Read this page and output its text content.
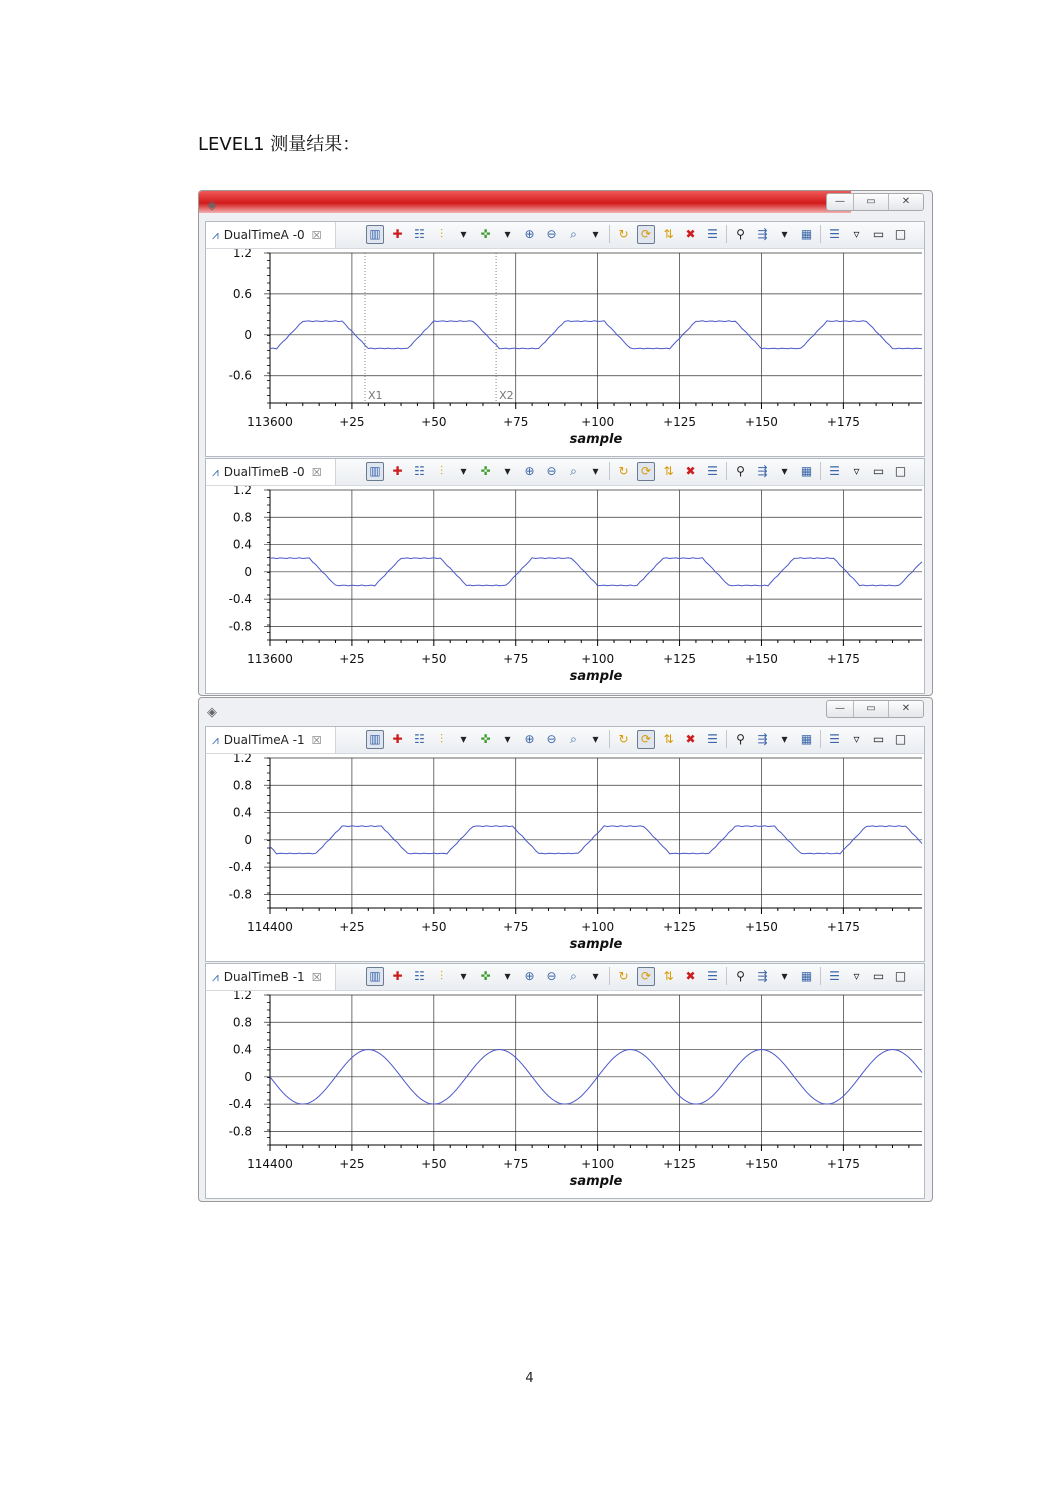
LEVEL1 测量结果：
◈	—	▭	✕
⩘ DualTimeA -0 ☒	▥ ✚ ☷	⫶	▾	✜	▾	⊕ ⊖	⌕	▾	↻	⟳	⇅ ✖ ☰	⚲	⇶	▾	▦ ☰	▿	▭ □
1.2
0.6
0
-0.6
113600	+25	+50	+75	+100	+125	+150	+175
sample
X1	X2
⩘ DualTimeB -0 ☒	▥ ✚ ☷	⫶	▾	✜	▾	⊕ ⊖	⌕	▾	↻	⟳	⇅ ✖ ☰	⚲	⇶	▾	▦ ☰	▿	▭ □
1.2
0.8
0.4
0
-0.4
-0.8
113600	+25	+50	+75	+100	+125	+150	+175
sample
◈	—	▭	✕
⩘ DualTimeA -1 ☒	▥ ✚ ☷	⫶	▾	✜	▾	⊕ ⊖	⌕	▾	↻	⟳	⇅ ✖ ☰	⚲	⇶	▾	▦ ☰	▿	▭ □
1.2
0.8
0.4
0
-0.4
-0.8
114400	+25	+50	+75	+100	+125	+150	+175
sample
⩘ DualTimeB -1 ☒	▥ ✚ ☷	⫶	▾	✜	▾	⊕ ⊖	⌕	▾	↻	⟳	⇅ ✖ ☰	⚲	⇶	▾	▦ ☰	▿	▭ □
1.2
0.8
0.4
0
-0.4
-0.8
114400	+25	+50	+75	+100	+125	+150	+175
sample
4
